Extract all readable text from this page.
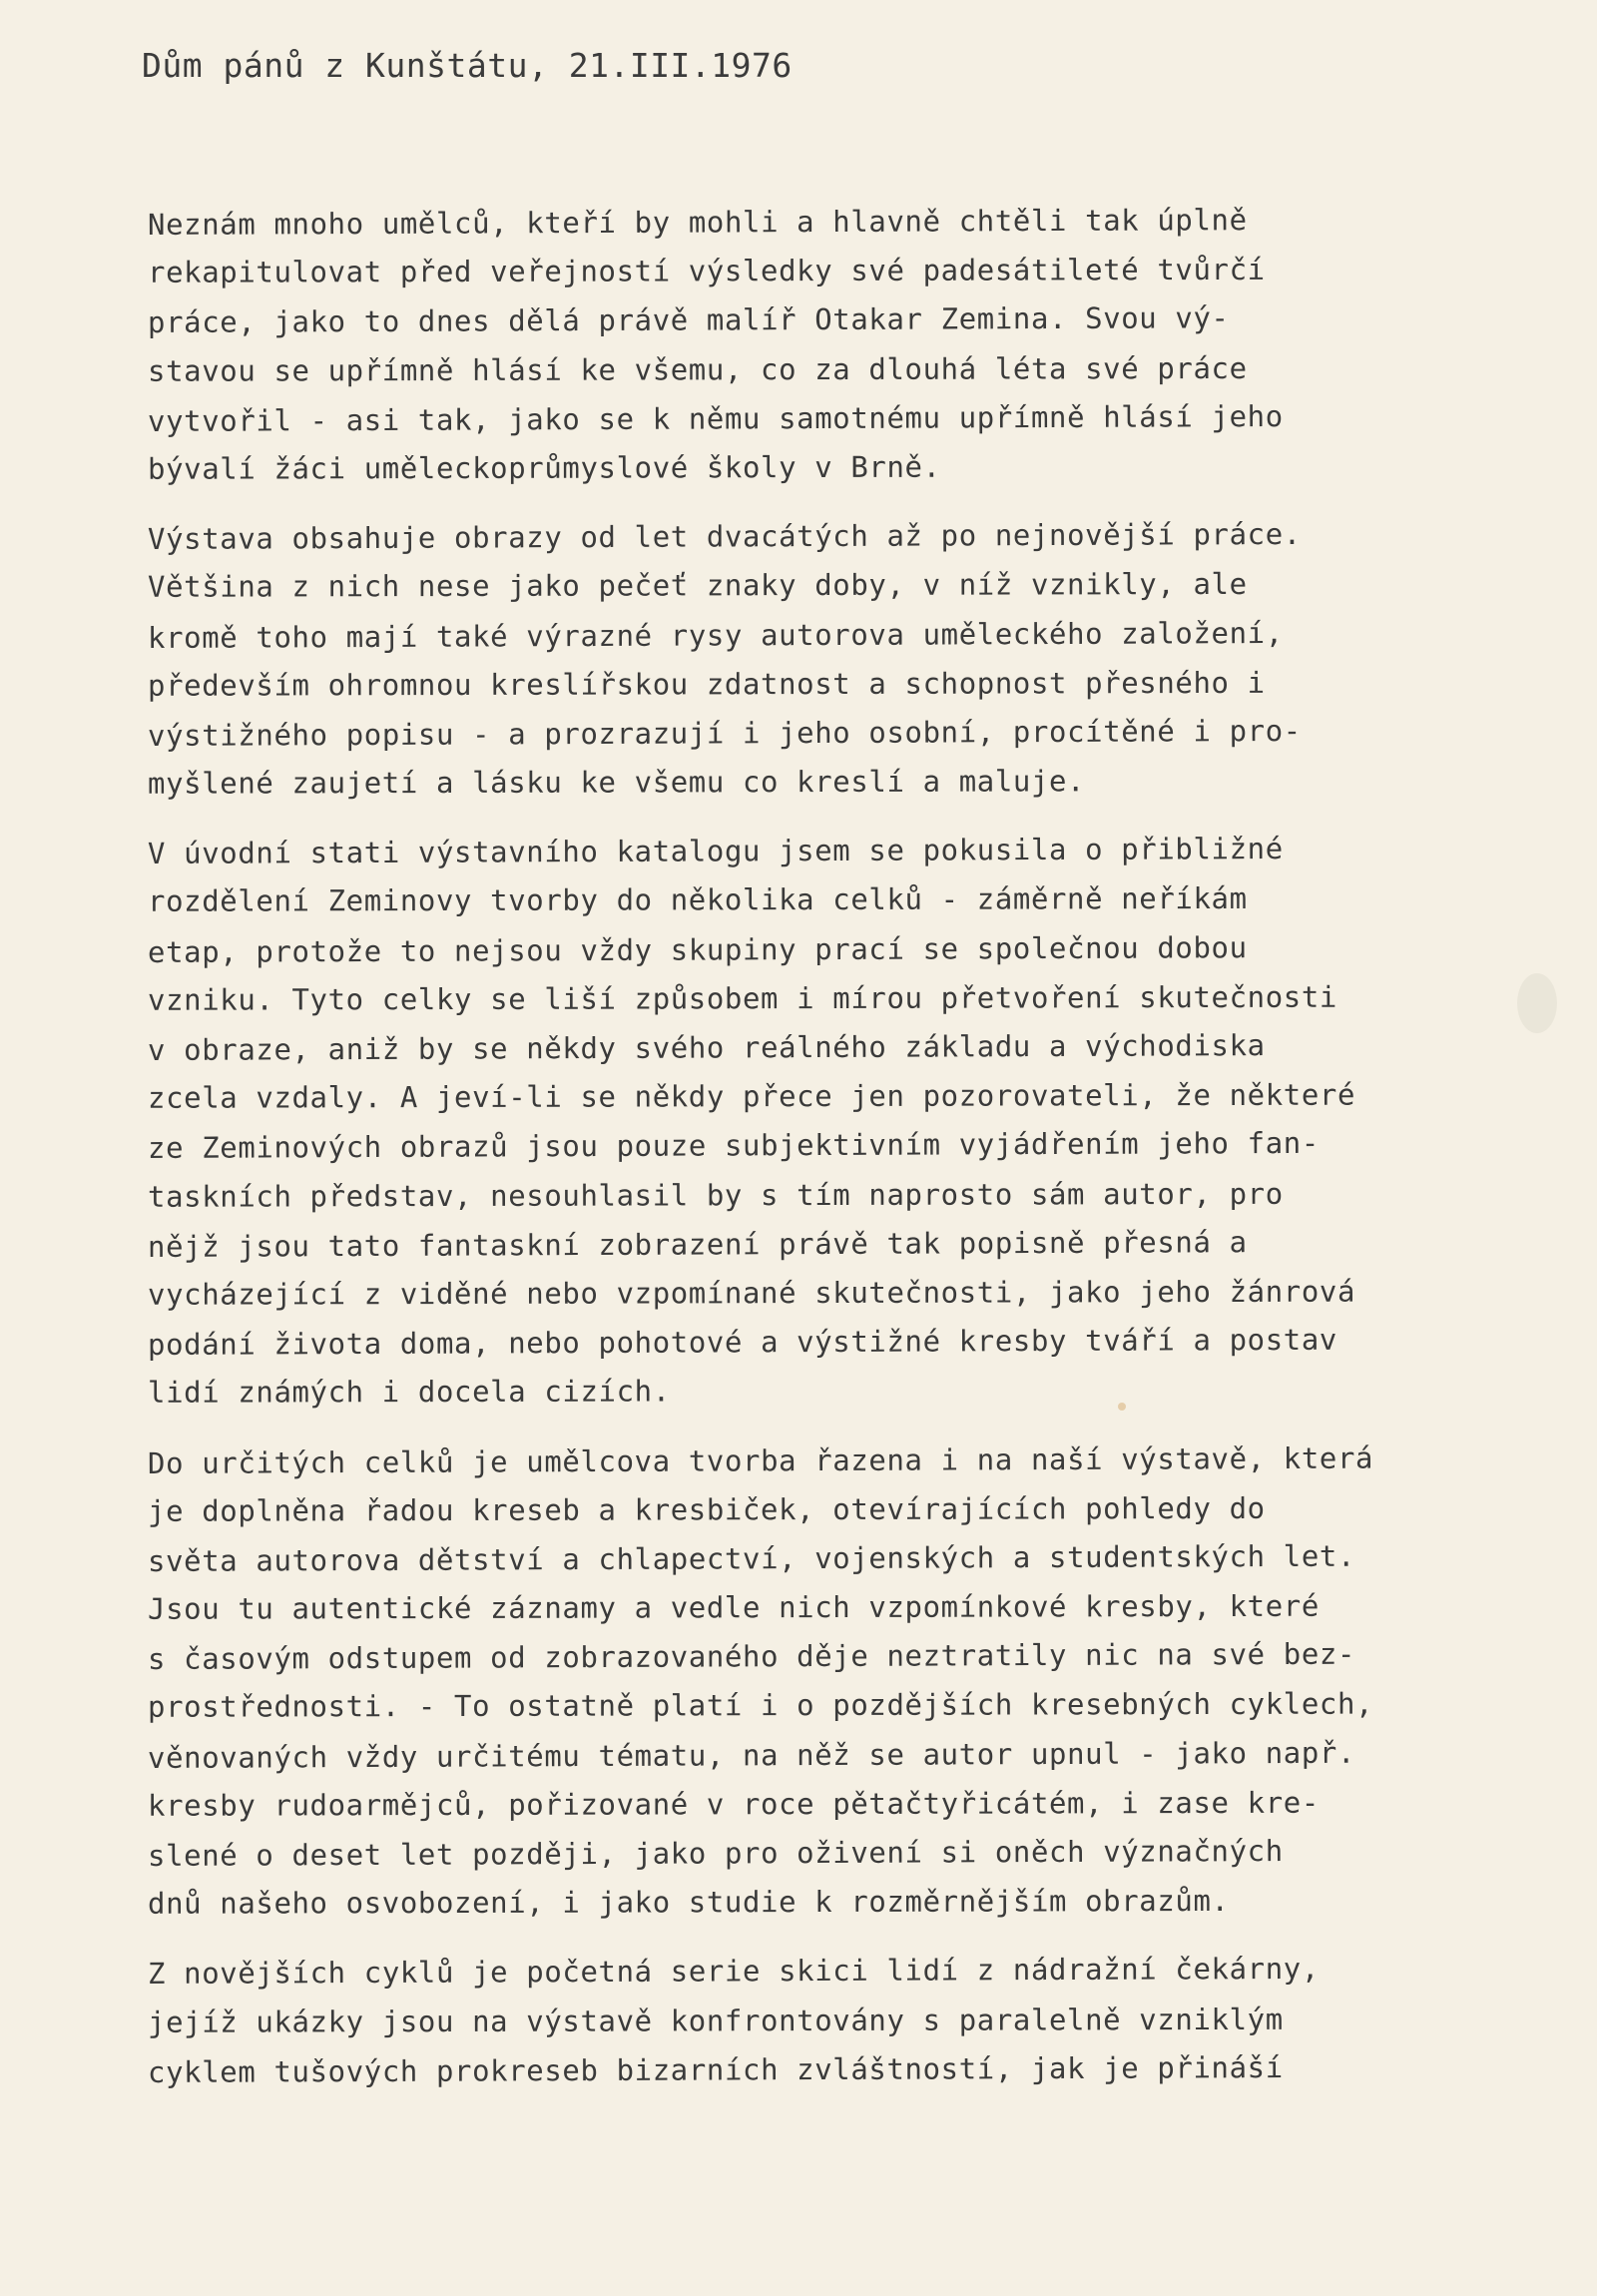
Dům pánů z Kunštátu, 21.III.1976
Neznám mnoho umělců, kteří by mohli a hlavně chtěli tak úplně
rekapitulovat před veřejností výsledky své padesátileté tvůrčí
práce, jako to dnes dělá právě malíř Otakar Zemina. Svou vý-
stavou se upřímně hlásí ke všemu, co za dlouhá léta své práce
vytvořil - asi tak, jako se k němu samotnému upřímně hlásí jeho
bývalí žáci uměleckoprůmyslové školy v Brně.
Výstava obsahuje obrazy od let dvacátých až po nejnovější práce.
Většina z nich nese jako pečeť znaky doby, v níž vznikly, ale
kromě toho mají také výrazné rysy autorova uměleckého založení,
především ohromnou kreslířskou zdatnost a schopnost přesného i
výstižného popisu - a prozrazují i jeho osobní, procítěné i pro-
myšlené zaujetí a lásku ke všemu co kreslí a maluje.
V úvodní stati výstavního katalogu jsem se pokusila o přibližné
rozdělení Zeminovy tvorby do několika celků - záměrně neříkám
etap, protože to nejsou vždy skupiny prací se společnou dobou
vzniku. Tyto celky se liší způsobem i mírou přetvoření skutečnosti
v obraze, aniž by se někdy svého reálného základu a východiska
zcela vzdaly. A jeví-li se někdy přece jen pozorovateli, že některé
ze Zeminových obrazů jsou pouze subjektivním vyjádřením jeho fan-
taskních představ, nesouhlasil by s tím naprosto sám autor, pro
nějž jsou tato fantaskní zobrazení právě tak popisně přesná a
vycházející z viděné nebo vzpomínané skutečnosti, jako jeho žánrová
podání života doma, nebo pohotové a výstižné kresby tváří a postav
lidí známých i docela cizích.
Do určitých celků je umělcova tvorba řazena i na naší výstavě, která
je doplněna řadou kreseb a kresbiček, otevírajících pohledy do
světa autorova dětství a chlapectví, vojenských a studentských let.
Jsou tu autentické záznamy a vedle nich vzpomínkové kresby, které
s časovým odstupem od zobrazovaného děje neztratily nic na své bez-
prostřednosti. - To ostatně platí i o pozdějších kresebných cyklech,
věnovaných vždy určitému tématu, na něž se autor upnul - jako např.
kresby rudoarmějců, pořizované v roce pětačtyřicátém, i zase kre-
slené o deset let později, jako pro oživení si oněch význačných
dnů našeho osvobození, i jako studie k rozměrnějším obrazům.
Z novějších cyklů je početná serie skici lidí z nádražní čekárny,
jejíž ukázky jsou na výstavě konfrontovány s paralelně vzniklým
cyklem tušových prokreseb bizarních zvláštností, jak je přináší
